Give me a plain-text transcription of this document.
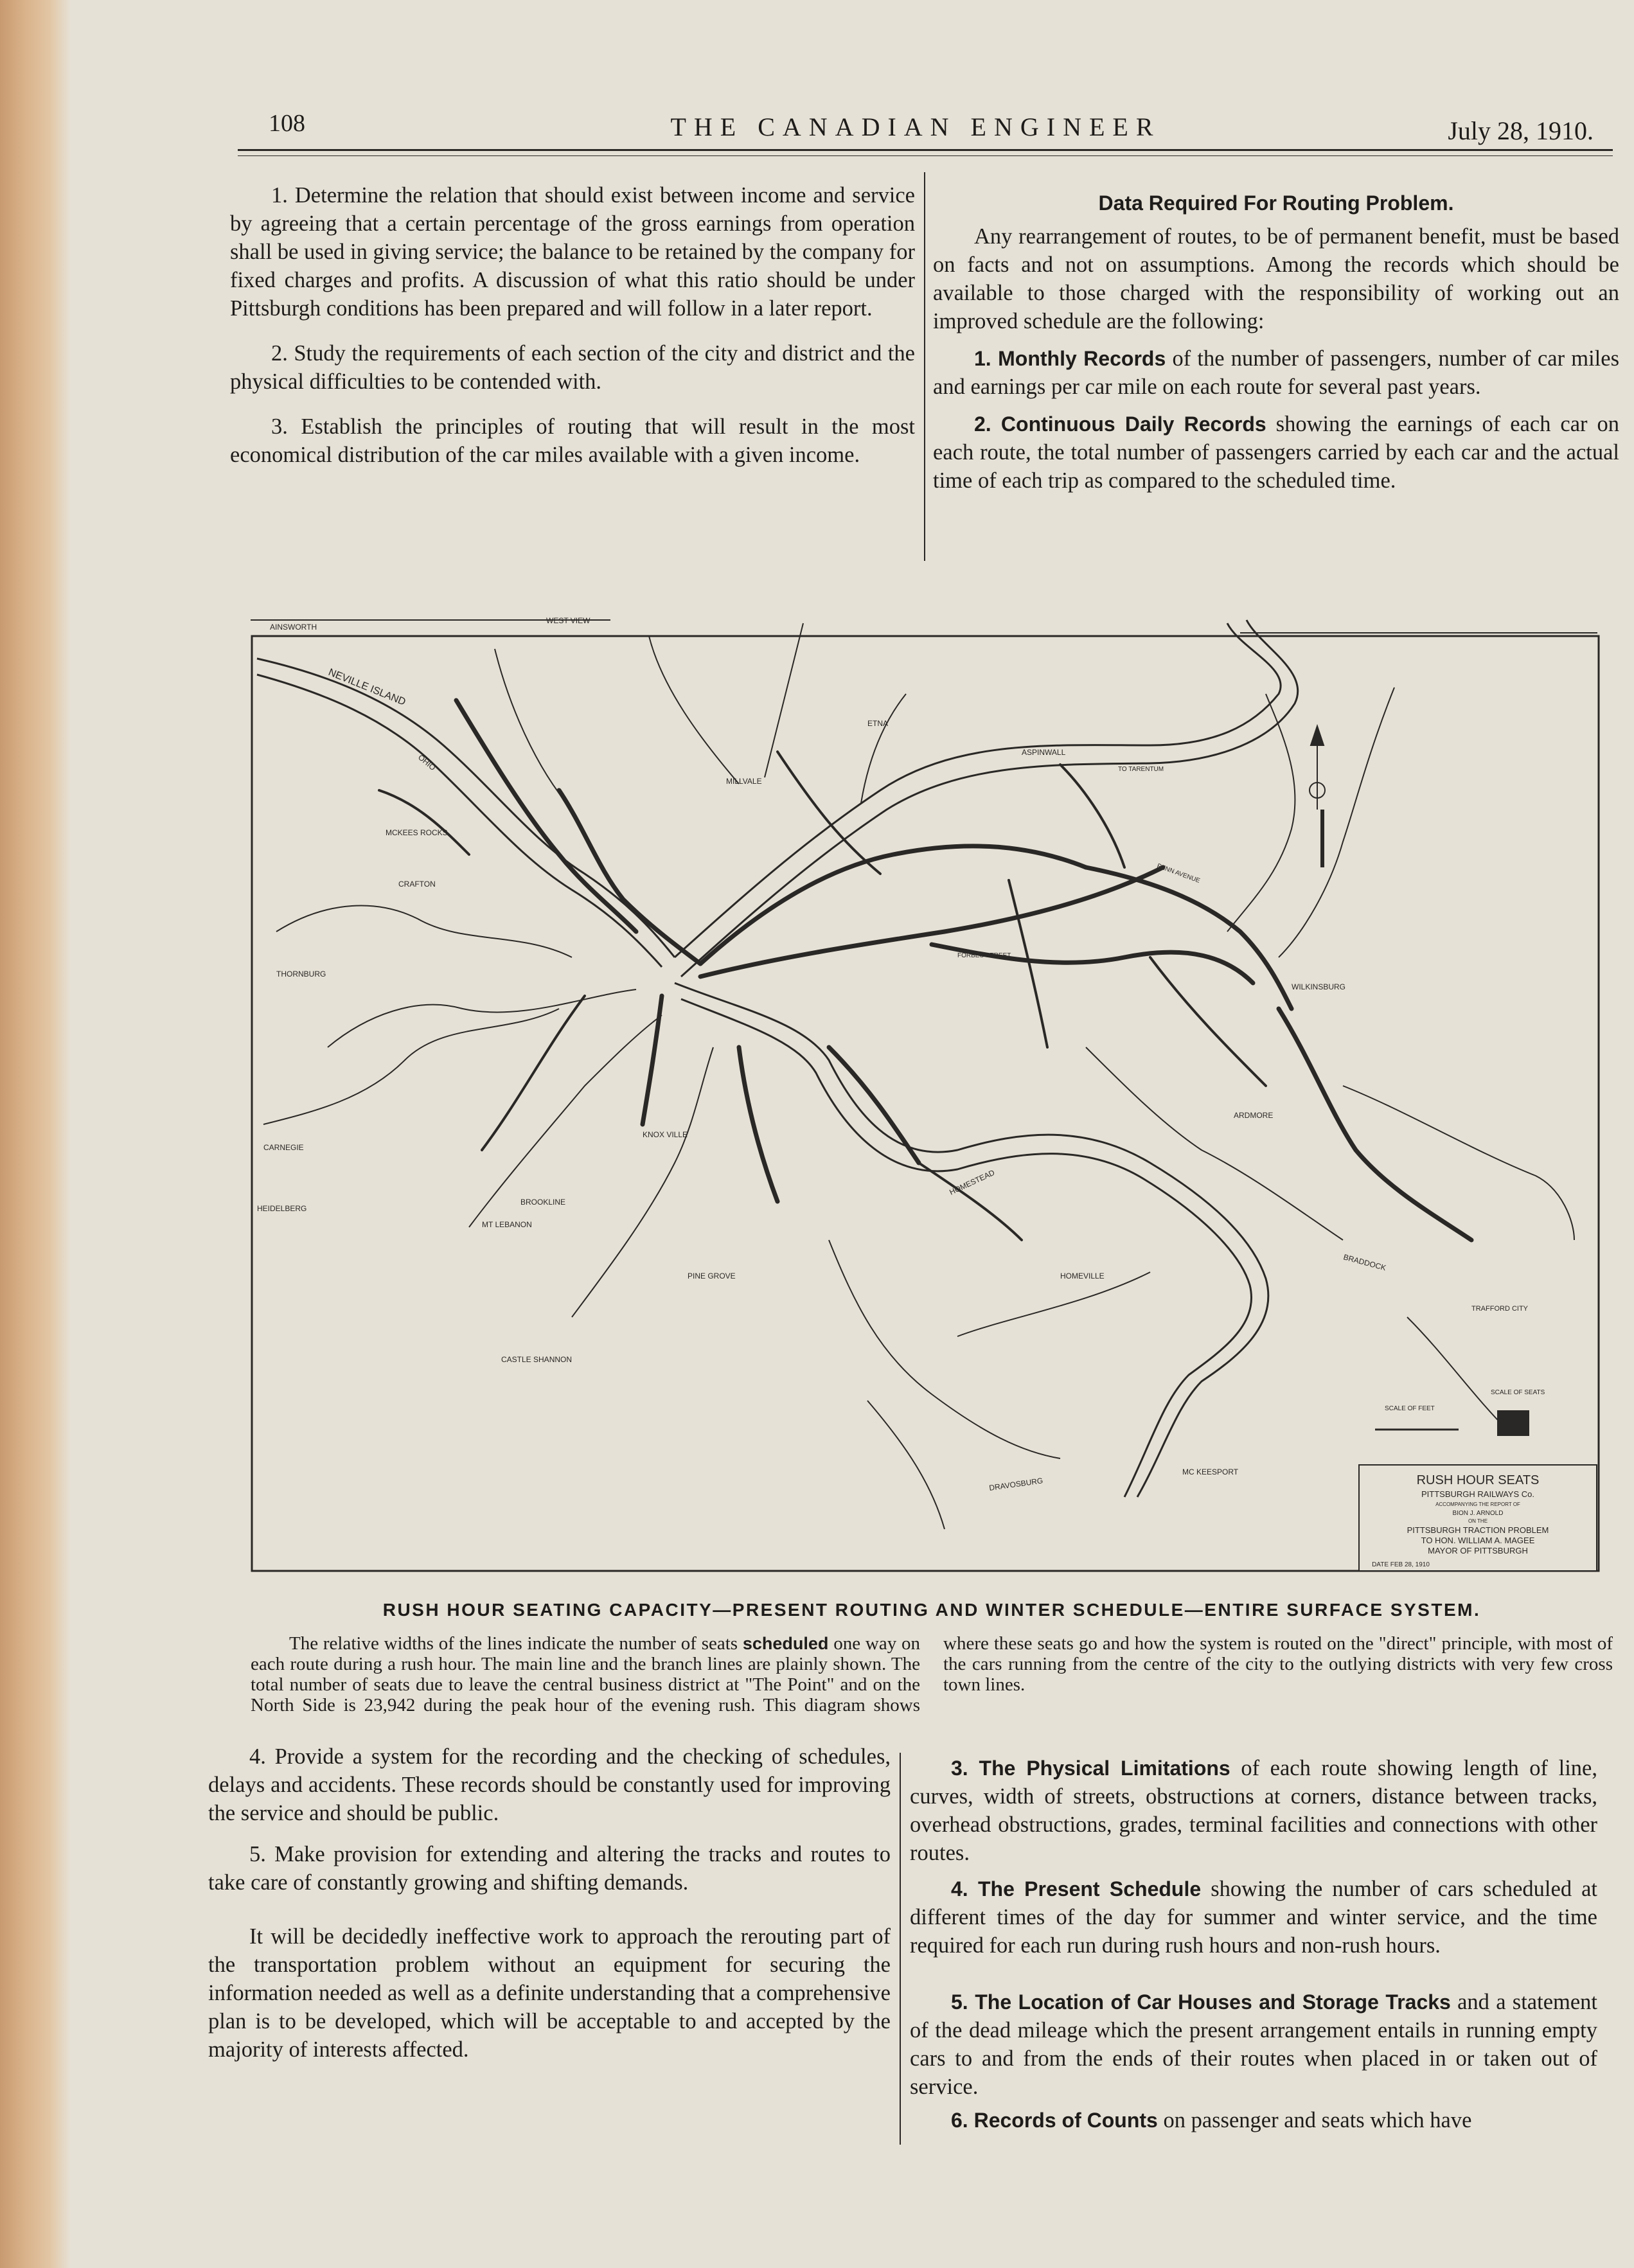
108	THE CANADIAN ENGINEER	July 28, 1910.

1. Determine the relation that should exist between income and service by agreeing that a certain percentage of the gross earnings from operation shall be used in giving service; the balance to be retained by the company for fixed charges and profits. A discussion of what this ratio should be under Pittsburgh conditions has been prepared and will follow in a later report.

2. Study the requirements of each section of the city and district and the physical difficulties to be contended with.

3. Establish the principles of routing that will result in the most economical distribution of the car miles available with a given income.

Data Required For Routing Problem.

Any rearrangement of routes, to be of permanent benefit, must be based on facts and not on assumptions. Among the records which should be available to those charged with the responsibility of working out an improved schedule are the following:

1. Monthly Records of the number of passengers, number of car miles and earnings per car mile on each route for several past years.

2. Continuous Daily Records showing the earnings of each car on each route, the total number of passengers carried by each car and the actual time of each trip as compared to the scheduled time.

AINSWORTH
WEST VIEW
NEVILLE ISLAND
OHIO
ETNA
ASPINWALL
TO TARENTUM
MILLVALE
MCKEES ROCKS
CRAFTON
THORNBURG
CARNEGIE
HEIDELBERG
MT LEBANON
BROOKLINE
PINE GROVE
CASTLE SHANNON
KNOX VILLE
PENN AVENUE
FORBES STREET
WILKINSBURG
ARDMORE
HOMESTEAD
HOMEVILLE
BRADDOCK
TRAFFORD CITY
MC KEESPORT
DRAVOSBURG
SCALE OF FEET
SCALE OF SEATS
RUSH HOUR SEATS
PITTSBURGH RAILWAYS Co.
ACCOMPANYING THE REPORT OF
BION J. ARNOLD
ON THE
PITTSBURGH TRACTION PROBLEM
TO HON. WILLIAM A. MAGEE
MAYOR OF PITTSBURGH
DATE FEB 28, 1910
RUSH HOUR SEATING CAPACITY—PRESENT ROUTING AND WINTER SCHEDULE—ENTIRE SURFACE SYSTEM.

The relative widths of the lines indicate the number of seats scheduled one way on each route during a rush hour. The main line and the branch lines are plainly shown. The total number of seats due to leave the central business district at "The Point" and on the North Side is 23,942 during the peak hour of the evening rush. This diagram shows where these seats go and how the system is routed on the "direct" principle, with most of the cars running from the centre of the city to the outlying districts with very few cross town lines.

4. Provide a system for the recording and the checking of schedules, delays and accidents. These records should be constantly used for improving the service and should be public.

5. Make provision for extending and altering the tracks and routes to take care of constantly growing and shifting demands.

It will be decidedly ineffective work to approach the rerouting part of the transportation problem without an equipment for securing the information needed as well as a definite understanding that a comprehensive plan is to be developed, which will be acceptable to and accepted by the majority of interests affected.

3. The Physical Limitations of each route showing length of line, curves, width of streets, obstructions at corners, distance between tracks, overhead obstructions, grades, terminal facilities and connections with other routes.

4. The Present Schedule showing the number of cars scheduled at different times of the day for summer and winter service, and the time required for each run during rush hours and non-rush hours.

5. The Location of Car Houses and Storage Tracks and a statement of the dead mileage which the present arrangement entails in running empty cars to and from the ends of their routes when placed in or taken out of service.

6. Records of Counts on passenger and seats which have
